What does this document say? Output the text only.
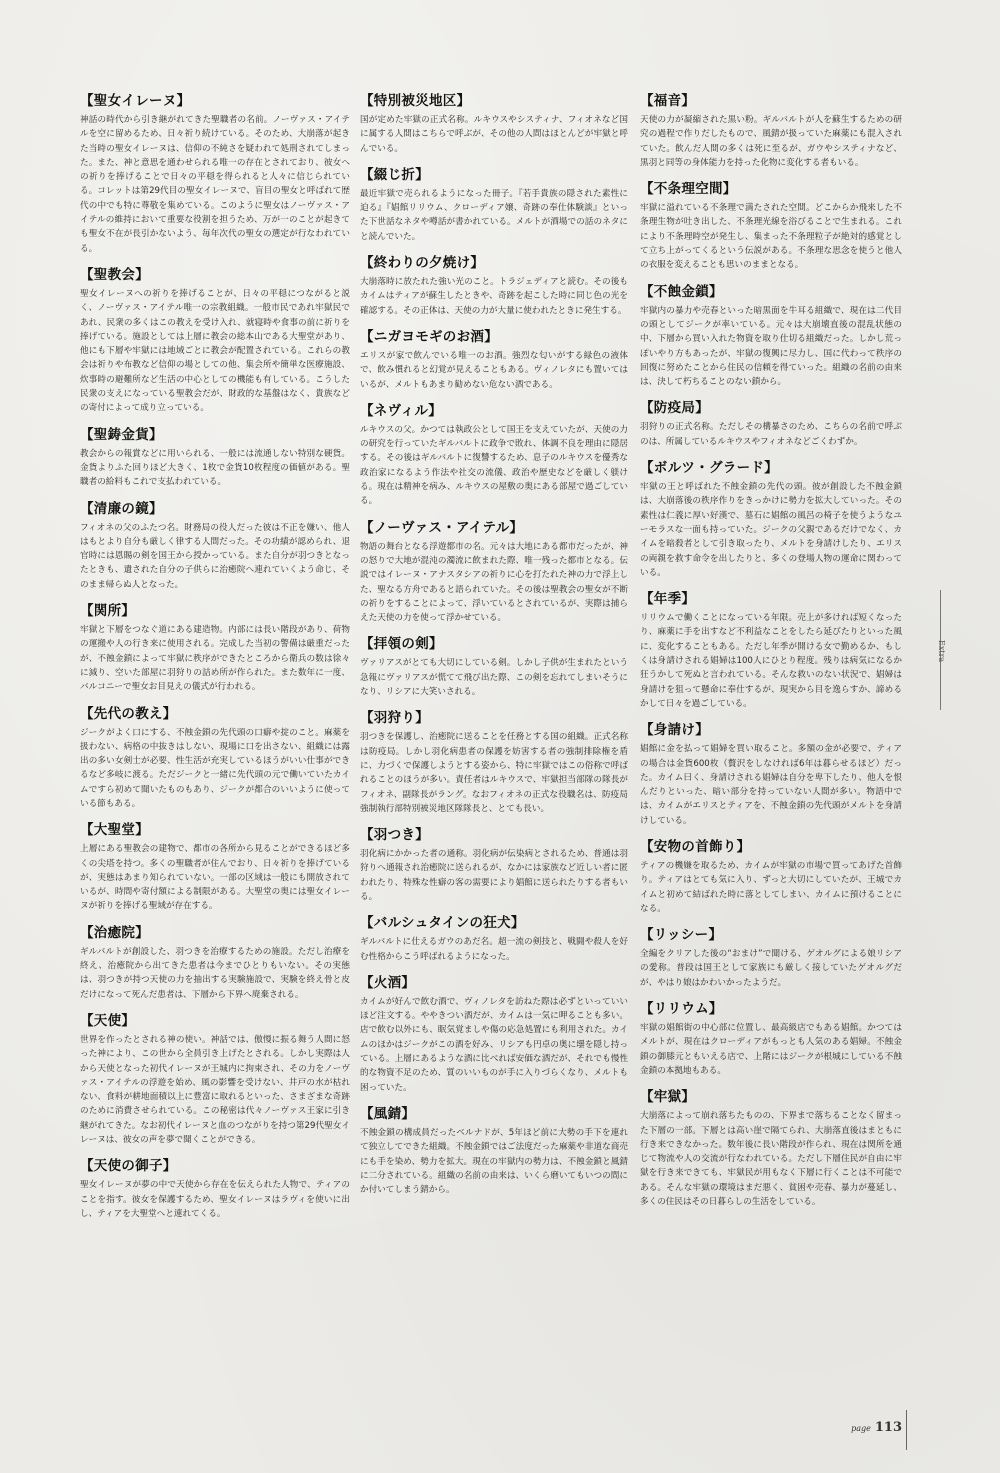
【聖女イレーヌ】

神話の時代から引き継がれてきた聖職者の名前。ノーヴァス・アイテルを空に留めるため、日々祈り続けている。そのため、大崩落が起きた当時の聖女イレーヌは、信仰の不純さを疑われて処刑されてしまった。また、神と意思を通わせられる唯一の存在とされており、彼女への祈りを捧げることで日々の平穏を得られると人々に信じられている。コレットは第29代目の聖女イレーヌで、盲目の聖女と呼ばれて歴代の中でも特に尊敬を集めている。このように聖女はノーヴァス・アイテルの維持において重要な役割を担うため、万が一のことが起きても聖女不在が長引かないよう、毎年次代の聖女の選定が行なわれている。

【聖教会】

聖女イレーヌへの祈りを捧げることが、日々の平穏につながると説く、ノーヴァス・アイテル唯一の宗教組織。一般市民であれ牢獄民であれ、民衆の多くはこの教えを受け入れ、就寝時や食事の前に祈りを捧げている。施設としては上層に教会の総本山である大聖堂があり、他にも下層や牢獄には地域ごとに教会が配置されている。これらの教会は祈りや布教など信仰の場としての他、集会所や簡単な医療施設、炊事時の避難所など生活の中心としての機能も有している。こうした民衆の支えになっている聖教会だが、財政的な基盤はなく、貴族などの寄付によって成り立っている。

【聖鋳金貨】

教会からの報賞などに用いられる、一般には流通しない特別な硬貨。金貨よりふた回りほど大きく、1枚で金貨10枚程度の価値がある。聖職者の給料もこれで支払われている。

【清廉の鏡】

フィオネの父のふたつ名。財務局の役人だった彼は不正を嫌い、他人はもとより自分も厳しく律する人間だった。その功績が認められ、退官時には恩賜の剣を国王から授かっている。また自分が羽つきとなったときも、遺された自分の子供らに治癒院へ連れていくよう命じ、そのまま帰らぬ人となった。

【関所】

牢獄と下層をつなぐ道にある建造物。内部には長い階段があり、荷物の運搬や人の行き来に使用される。完成した当初の警備は厳重だったが、不蝕金鎖によって牢獄に秩序ができたところから衛兵の数は徐々に減り、空いた部屋に羽狩りの詰め所が作られた。また数年に一度、バルコニーで聖女お目見えの儀式が行われる。

【先代の教え】

ジークがよく口にする、不蝕金鎖の先代頭の口癖や掟のこと。麻薬を扱わない、病格の中抜きはしない、現場に口を出さない、組織には露出の多い女剣士が必要、性生活が充実しているほうがいい仕事ができるなど多岐に渡る。ただジークと一緒に先代頭の元で働いていたカイムですら初めて聞いたものもあり、ジークが都合のいいように使っている節もある。

【大聖堂】

上層にある聖教会の建物で、都市の各所から見ることができるほど多くの尖塔を持つ。多くの聖職者が住んでおり、日々祈りを捧げているが、実態はあまり知られていない。一部の区域は一般にも開放されているが、時間や寄付額による制限がある。大聖堂の奥には聖女イレーヌが祈りを捧げる聖域が存在する。

【治癒院】

ギルバルトが創設した、羽つきを治療するための施設。ただし治療を終え、治癒院から出てきた患者は今までひとりもいない。その実態は、羽つきが持つ天使の力を抽出する実験施設で、実験を終え骨と皮だけになって死んだ患者は、下層から下界へ廃棄される。

【天使】

世界を作ったとされる神の使い。神話では、傲慢に振る舞う人間に怒った神により、この世から全員引き上げたとされる。しかし実際は人から天使となった初代イレーヌが王城内に拘束され、その力をノーヴァス・アイテルの浮遊を始め、風の影響を受けない、井戸の水が枯れない、食料が耕地面積以上に豊富に取れるといった、さまざまな奇跡のために消費させられている。この秘密は代々ノーヴァス王家に引き継がれてきた。なお初代イレーヌと血のつながりを持つ第29代聖女イレーヌは、彼女の声を夢で聞くことができる。

【天使の御子】

聖女イレーヌが夢の中で天使から存在を伝えられた人物で、ティアのことを指す。彼女を保護するため、聖女イレーヌはラヴィを使いに出し、ティアを大聖堂へと連れてくる。

【特別被災地区】

国が定めた牢獄の正式名称。ルキウスやシスティナ、フィオネなど国に属する人間はこちらで呼ぶが、その他の人間はほとんどが牢獄と呼んでいる。

【綴じ折】

最近牢獄で売られるようになった冊子。『若手貴族の隠された素性に迫る』『娼館リリウム、クローディア嬢、奇跡の奉仕体験談』といった下世話なネタや噂話が書かれている。メルトが酒場での話のネタにと読んでいた。

【終わりの夕焼け】

大崩落時に放たれた強い光のこと。トラジェディアと読む。その後もカイムはティアが蘇生したときや、奇跡を起こした時に同じ色の光を確認する。その正体は、天使の力が大量に使われたときに発生する。

【ニガヨモギのお酒】

エリスが家で飲んでいる唯一のお酒。強烈な匂いがする緑色の液体で、飲み慣れると幻覚が見えることもある。ヴィノレタにも置いてはいるが、メルトもあまり勧めない危ない酒である。

【ネヴィル】

ルキウスの父。かつては執政公として国王を支えていたが、天使の力の研究を行っていたギルバルトに政争で敗れ、体調不良を理由に隠居する。その後はギルバルトに復讐するため、息子のルキウスを優秀な政治家になるよう作法や社交の流儀、政治や歴史などを厳しく躾ける。現在は精神を病み、ルキウスの屋敷の奥にある部屋で過ごしている。

【ノーヴァス・アイテル】

物語の舞台となる浮遊都市の名。元々は大地にある都市だったが、神の怒りで大地が混沌の濁流に飲まれた際、唯一残った都市となる。伝説ではイレーヌ・アナスタシアの祈りに心を打たれた神の力で浮上した、聖なる方舟であると語られていた。その後は聖教会の聖女が不断の祈りをすることによって、浮いているとされているが、実際は捕らえた天使の力を使って浮かせている。

【拝領の剣】

ヴァリアスがとても大切にしている剣。しかし子供が生まれたという急報にヴァリアスが慌てて飛び出た際、この剣を忘れてしまいそうになり、リシアに大笑いされる。

【羽狩り】

羽つきを保護し、治癒院に送ることを任務とする国の組織。正式名称は防疫局。しかし羽化病患者の保護を妨害する者の強制排除権を盾に、力づくで保護しようとする姿から、特に牢獄ではこの俗称で呼ばれることのほうが多い。責任者はルキウスで、牢獄担当部隊の隊長がフィオネ、副隊長がラング。なおフィオネの正式な役職名は、防疫局強制執行部特別被災地区隊隊長と、とても長い。

【羽つき】

羽化病にかかった者の通称。羽化病が伝染病とされるため、普通は羽狩りへ通報され治癒院に送られるが、なかには家族など近しい者に匿われたり、特殊な性癖の客の需要により娼館に送られたりする者もいる。

【バルシュタインの狂犬】

ギルバルトに仕えるガウのあだ名。超一流の剣技と、戦闘や殺人を好む性格からこう呼ばれるようになった。

【火酒】

カイムが好んで飲む酒で、ヴィノレタを訪ねた際は必ずといっていいほど注文する。ややきつい酒だが、カイムは一気に呷ることも多い。店で飲む以外にも、眠気覚ましや傷の応急処置にも利用された。カイムのほかはジークがこの酒を好み、リシアも円卓の奥に壜を隠し持っている。上層にあるような酒に比べれば安価な酒だが、それでも慢性的な物資不足のため、質のいいものが手に入りづらくなり、メルトも困っていた。

【風錆】

不蝕金鎖の構成員だったベルナドが、5年ほど前に大勢の手下を連れて独立してできた組織。不蝕金鎖ではご法度だった麻薬や非道な商売にも手を染め、勢力を拡大。現在の牢獄内の勢力は、不蝕金鎖と風錆に二分されている。組織の名前の由来は、いくら磨いてもいつの間にか付いてしまう錆から。

【福音】

天使の力が凝縮された黒い粉。ギルバルトが人を蘇生するための研究の過程で作りだしたもので、風錆が扱っていた麻薬にも混入されていた。飲んだ人間の多くは死に至るが、ガウやシスティナなど、黒羽と同等の身体能力を持った化物に変化する者もいる。

【不条理空間】

牢獄に溢れている不条理で満たされた空間。どこからか飛来した不条理生物が吐き出した、不条理光線を浴びることで生まれる。これにより不条理時空が発生し、集まった不条理粒子が絶対的感覚として立ち上がってくるという伝説がある。不条理な思念を使うと他人の衣服を変えることも思いのままとなる。

【不蝕金鎖】

牢獄内の暴力や売春といった暗黒面を牛耳る組織で、現在は二代目の頭としてジークが率いている。元々は大崩壊直後の混乱状態の中、下層から買い入れた物資を取り仕切る組織だった。しかし荒っぽいやり方もあったが、牢獄の復興に尽力し、国に代わって秩序の回復に努めたことから住民の信頼を得ていった。組織の名前の由来は、決して朽ちることのない鎖から。

【防疫局】

羽狩りの正式名称。ただしその構暴さのため、こちらの名前で呼ぶのは、所属しているルキウスやフィオネなどごくわずか。

【ボルツ・グラード】

牢獄の王と呼ばれた不蝕金鎖の先代の頭。彼が創設した不蝕金鎖は、大崩落後の秩序作りをきっかけに勢力を拡大していった。その素性は仁義に厚い好漢で、墓石に娼館の風呂の椅子を使うようなユーモラスな一面も持っていた。ジークの父親であるだけでなく、カイムを暗殺者として引き取ったり、メルトを身請けしたり、エリスの両親を救す命令を出したりと、多くの登場人物の運命に関わっている。

【年季】

リリウムで働くことになっている年限。売上が多ければ短くなったり、麻薬に手を出すなど不利益なことをしたら延びたりといった風に、変化することもある。ただし年季が開ける女で勤めるか、もしくは身請けされる娼婦は100人にひとり程度。残りは病気になるか狂うかして死ぬと言われている。そんな救いのない状況で、娼婦は身請けを狙って懸命に奉仕するが、現実から目を逸らすか、諦めるかして日々を過ごしている。

【身請け】

娼館に金を払って娼婦を買い取ること。多額の金が必要で、ティアの場合は金貨600枚（贅沢をしなければ6年は暮らせるほど）だった。カイム曰く、身請けされる娼婦は自分を卑下したり、他人を恨んだりといった、暗い部分を持っていない人間が多い。物語中では、カイムがエリスとティアを、不蝕金鎖の先代頭がメルトを身請けしている。

【安物の首飾り】

ティアの機嫌を取るため、カイムが牢獄の市場で買ってあげた首飾り。ティアはとても気に入り、ずっと大切にしていたが、王城でカイムと初めて結ばれた時に落としてしまい、カイムに預けることになる。

【リッシー】

全編をクリアした後の“おまけ”で聞ける、ゲオルグによる娘リシアの愛称。普段は国王として家族にも厳しく接していたゲオルグだが、やはり娘はかわいかったようだ。

【リリウム】

牢獄の娼館街の中心部に位置し、最高級店でもある娼館。かつてはメルトが、現在はクローディアがもっとも人気のある娼婦。不蝕金鎖の御膝元ともいえる店で、上階にはジークが根城にしている不蝕金鎖の本拠地もある。

【牢獄】

大崩落によって崩れ落ちたものの、下界まで落ちることなく留まった下層の一部。下層とは高い崖で隔てられ、大崩落直後はまともに行き来できなかった。数年後に長い階段が作られ、現在は関所を通じて物流や人の交流が行なわれている。ただし下層住民が自由に牢獄を行き来できても、牢獄民が用もなく下層に行くことは不可能である。そんな牢獄の環境はまだ悪く、貧困や売春、暴力が蔓延し、多くの住民はその日暮らしの生活をしている。

Extra
page 113
